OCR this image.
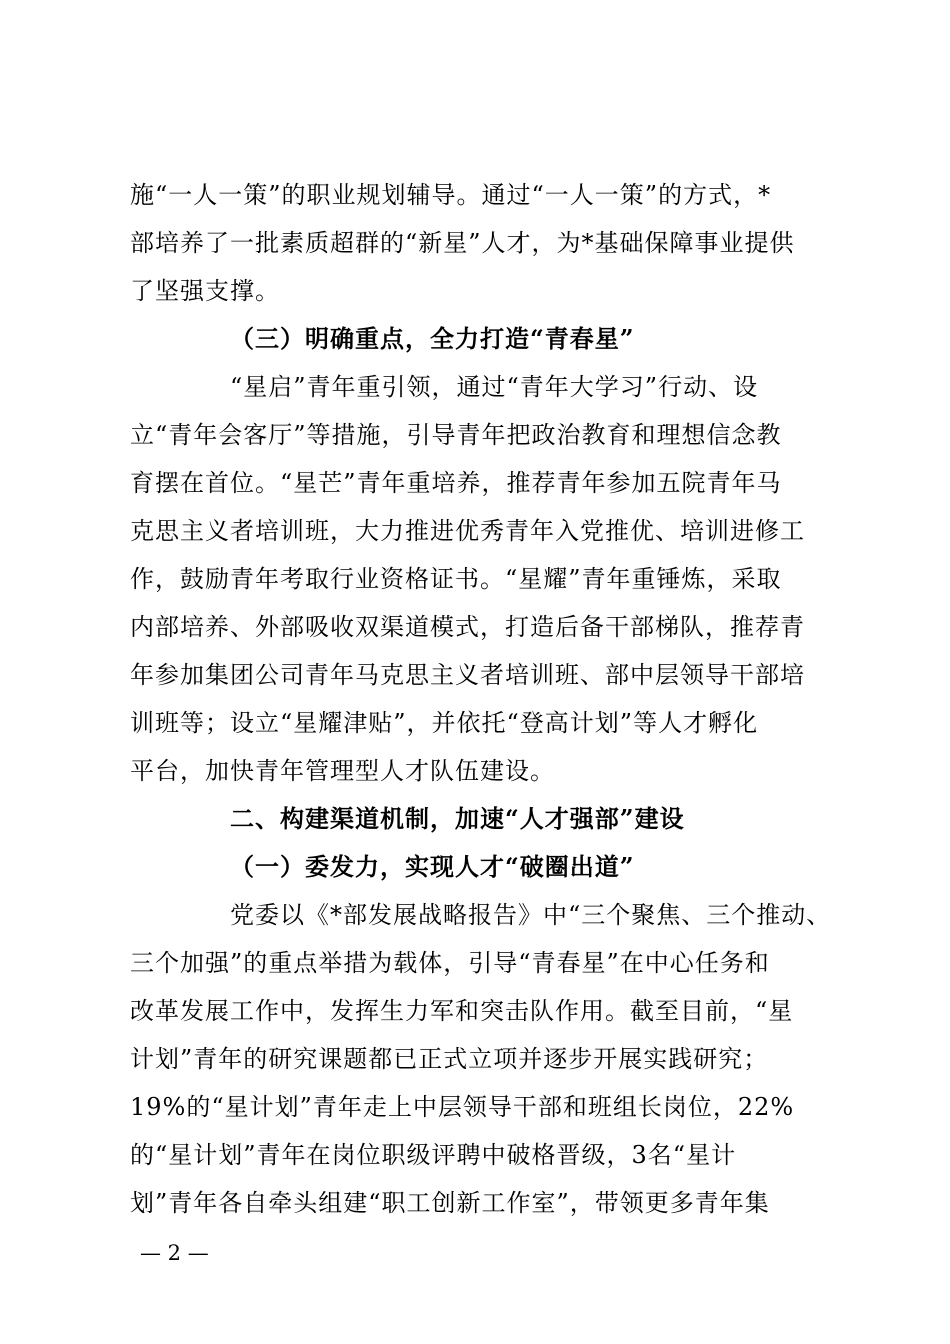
施“一人一策”的职业规划辅导。通过“一人一策”的方式，*
部培养了一批素质超群的“新星”人才，为*基础保障事业提供
了坚强支撑。
（三）明确重点，全力打造“青春星”
“星启”青年重引领，通过“青年大学习”行动、设
立“青年会客厅”等措施，引导青年把政治教育和理想信念教
育摆在首位。“星芒”青年重培养，推荐青年参加五院青年马
克思主义者培训班，大力推进优秀青年入党推优、培训进修工
作，鼓励青年考取行业资格证书。“星耀”青年重锤炼，采取
内部培养、外部吸收双渠道模式，打造后备干部梯队，推荐青
年参加集团公司青年马克思主义者培训班、部中层领导干部培
训班等；设立“星耀津贴”，并依托“登高计划”等人才孵化
平台，加快青年管理型人才队伍建设。
二、构建渠道机制，加速“人才强部”建设
（一）委发力，实现人才“破圈出道”
党委以《*部发展战略报告》中“三个聚焦、三个推动、
三个加强”的重点举措为载体，引导“青春星”在中心任务和
改革发展工作中，发挥生力军和突击队作用。截至目前，“星
计划”青年的研究课题都已正式立项并逐步开展实践研究；
19%的“星计划”青年走上中层领导干部和班组长岗位，22%
的“星计划”青年在岗位职级评聘中破格晋级，3名“星计
划”青年各自牵头组建“职工创新工作室”，带领更多青年集
— 2 —
